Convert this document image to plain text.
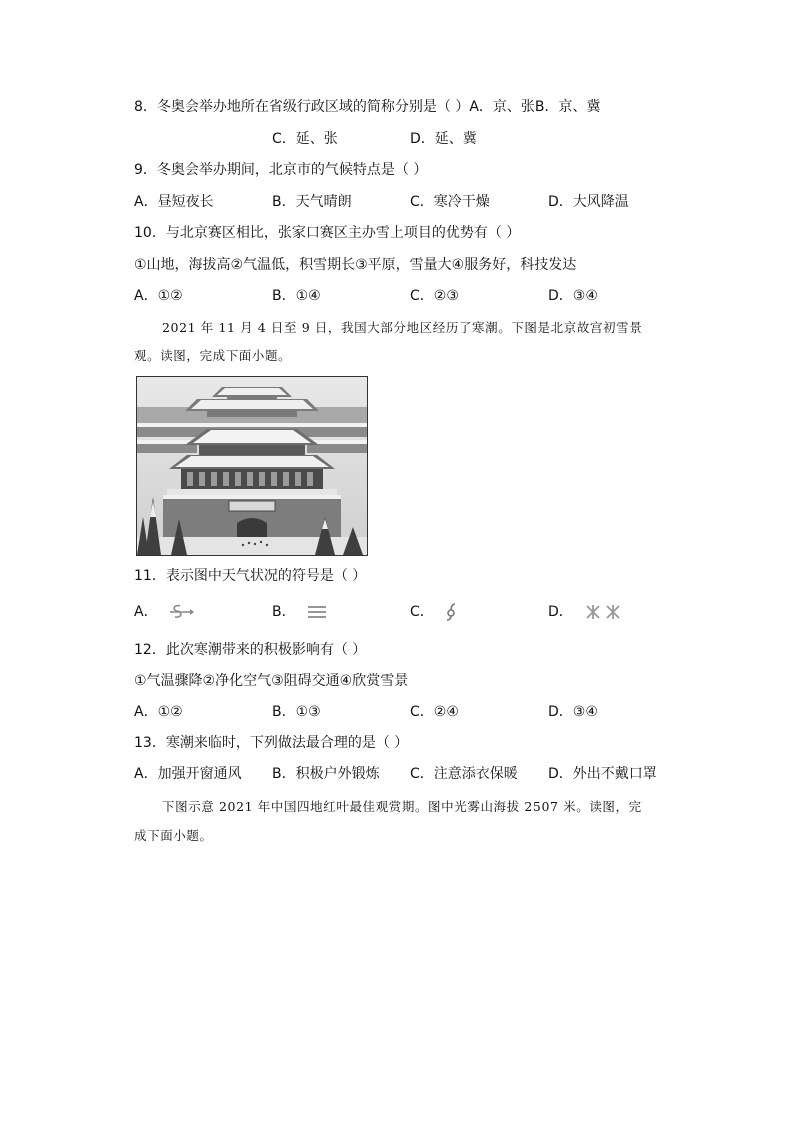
8．冬奥会举办地所在省级行政区域的简称分别是（ ）A．京、张B．京、冀
C．延、张	D．延、冀
9．冬奥会举办期间，北京市的气候特点是（ ）
A．昼短夜长	B．天气晴朗	C．寒冷干燥	D．大风降温
10．与北京赛区相比，张家口赛区主办雪上项目的优势有（ ）
①山地，海拔高②气温低，积雪期长③平原，雪量大④服务好，科技发达
A．①②	B．①④	C．②③	D．③④
2021 年 11 月 4 日至 9 日，我国大部分地区经历了寒潮。下图是北京故宫初雪景
观。读图，完成下面小题。
11．表示图中天气状况的符号是（ ）
A．	B．	C．	D．
12．此次寒潮带来的积极影响有（ ）
①气温骤降②净化空气③阻碍交通④欣赏雪景
A．①②	B．①③	C．②④	D．③④
13．寒潮来临时，下列做法最合理的是（ ）
A．加强开窗通风 B．积极户外锻炼 C．注意添衣保暖 D．外出不戴口罩
下图示意 2021 年中国四地红叶最佳观赏期。图中光雾山海拔 2507 米。读图，完
成下面小题。
